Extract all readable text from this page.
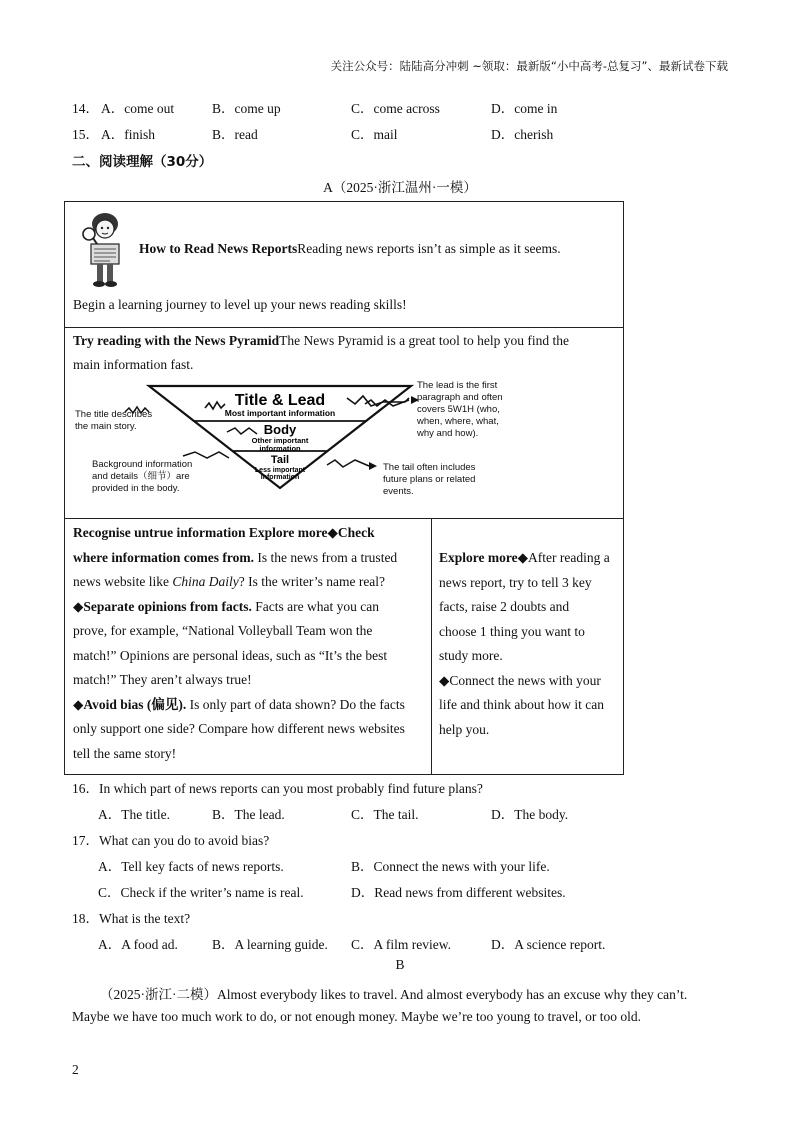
关注公众号：陆陆高分冲刺 ~领取：最新版“小中高考-总复习”、最新试卷下载
14． A．come out	B．come up	C．come across	D．come in
15． A．finish	B．read	C．mail	D．cherish
二、阅读理解（30分）
A（2025·浙江温州·一模）
How to Read News ReportsReading news reports isn’t as simple as it seems.
Begin a learning journey to level up your news reading skills!
Try reading with the News PyramidThe News Pyramid is a great tool to help you find the
main information fast.
Title & Lead
Most important information
Body
Other important
information
Tail
Less important
information
The title describes
the main story.
The lead is the first
paragraph and often
covers 5W1H (who,
when, where, what,
why and how).
Background information
and details（细节）are
provided in the body.
The tail often includes
future plans or related
events.
Recognise untrue information Explore more◆Check
where information comes from. Is the news from a trusted
news website like China Daily? Is the writer’s name real?
◆Separate opinions from facts. Facts are what you can
prove, for example, “National Volleyball Team won the
match!” Opinions are personal ideas, such as “It’s the best
match!” They aren’t always true!
◆Avoid bias (偏见). Is only part of data shown? Do the facts
only support one side? Compare how different news websites
tell the same story!
Explore more◆After reading a
news report, try to tell 3 key
facts, raise 2 doubts and
choose 1 thing you want to
study more.
◆Connect the news with your
life and think about how it can
help you.
16．In which part of news reports can you most probably find future plans?
A．The title.	B．The lead.	C．The tail.	D．The body.
17．What can you do to avoid bias?
A．Tell key facts of news reports.	B．Connect the news with your life.
C．Check if the writer’s name is real.	D．Read news from different websites.
18．What is the text?
A．A food ad.	B．A learning guide. C．A film review.	D．A science report.
B
（2025·浙江·二模）Almost everybody likes to travel. And almost everybody has an excuse why they can’t.
Maybe we have too much work to do, or not enough money. Maybe we’re too young to travel, or too old.
2
